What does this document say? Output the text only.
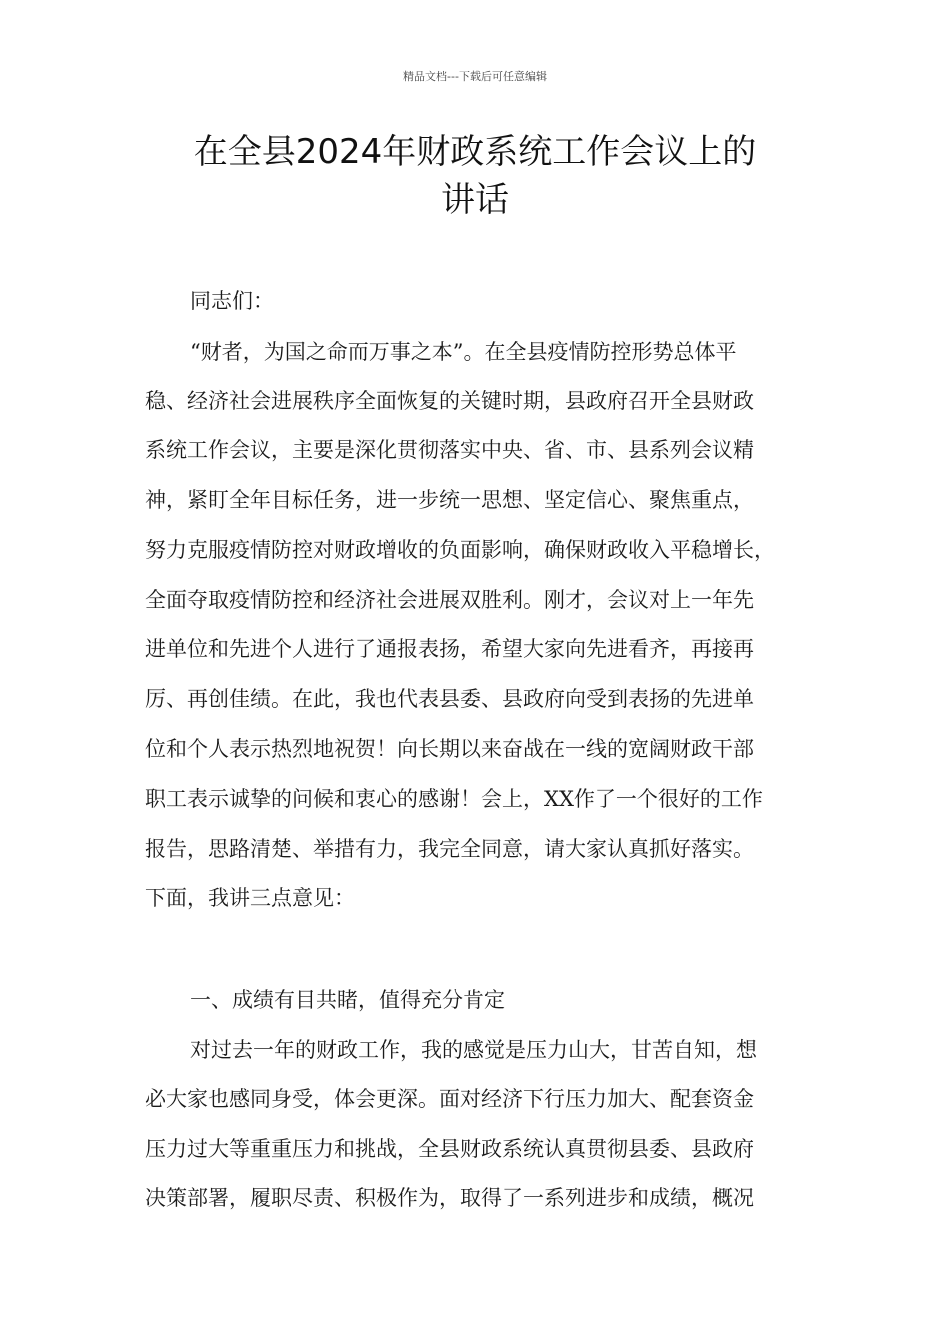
精品文档---下载后可任意编辑
在全县2024年财政系统工作会议上的
讲话
同志们：
“财者，为国之命而万事之本”。在全县疫情防控形势总体平
稳、经济社会进展秩序全面恢复的关键时期，县政府召开全县财政
系统工作会议，主要是深化贯彻落实中央、省、市、县系列会议精
神，紧盯全年目标任务，进一步统一思想、坚定信心、聚焦重点，
努力克服疫情防控对财政增收的负面影响，确保财政收入平稳增长，
全面夺取疫情防控和经济社会进展双胜利。刚才，会议对上一年先
进单位和先进个人进行了通报表扬，希望大家向先进看齐，再接再
厉、再创佳绩。在此，我也代表县委、县政府向受到表扬的先进单
位和个人表示热烈地祝贺！向长期以来奋战在一线的宽阔财政干部
职工表示诚挚的问候和衷心的感谢！会上，XX作了一个很好的工作
报告，思路清楚、举措有力，我完全同意，请大家认真抓好落实。
下面，我讲三点意见：
一、成绩有目共睹，值得充分肯定
对过去一年的财政工作，我的感觉是压力山大，甘苦自知，想
必大家也感同身受，体会更深。面对经济下行压力加大、配套资金
压力过大等重重压力和挑战，全县财政系统认真贯彻县委、县政府
决策部署，履职尽责、积极作为，取得了一系列进步和成绩，概况
